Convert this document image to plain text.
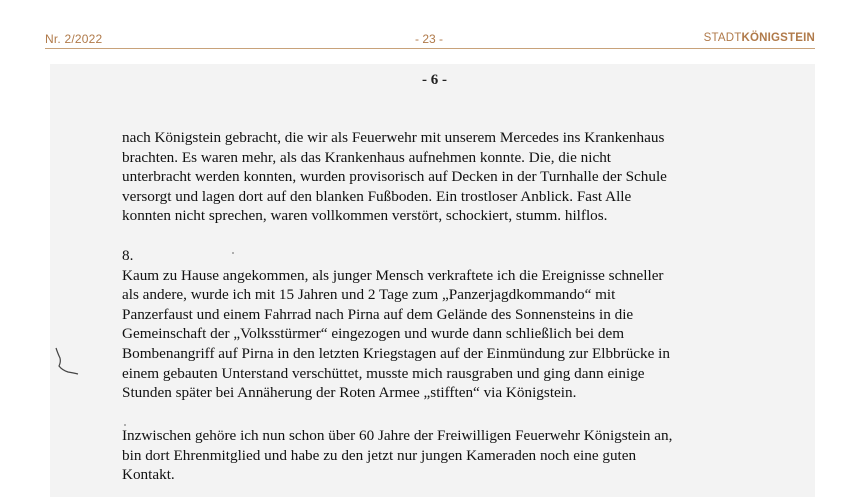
Nr. 2/2022	- 23 -	STADTKÖNIGSTEIN
- 6 -
nach Königstein gebracht, die wir als Feuerwehr mit unserem Mercedes ins Krankenhaus
brachten. Es waren mehr, als das Krankenhaus aufnehmen konnte. Die, die nicht
unterbracht werden konnten, wurden provisorisch auf Decken in der Turnhalle der Schule
versorgt und lagen dort auf den blanken Fußboden. Ein trostloser Anblick. Fast Alle
konnten nicht sprechen, waren vollkommen verstört, schockiert, stumm. hilflos.
8.
Kaum zu Hause angekommen, als junger Mensch verkraftete ich die Ereignisse schneller
als andere, wurde ich mit 15 Jahren und 2 Tage zum „Panzerjagdkommando“ mit
Panzerfaust und einem Fahrrad nach Pirna auf dem Gelände des Sonnensteins in die
Gemeinschaft der „Volksstürmer“ eingezogen und wurde dann schließlich bei dem
Bombenangriff auf Pirna in den letzten Kriegstagen auf der Einmündung zur Elbbrücke in
einem gebauten Unterstand verschüttet, musste mich rausgraben und ging dann einige
Stunden später bei Annäherung der Roten Armee „stifften“ via Königstein.
Inzwischen gehöre ich nun schon über 60 Jahre der Freiwilligen Feuerwehr Königstein an,
bin dort Ehrenmitglied und habe zu den jetzt nur jungen Kameraden noch eine guten
Kontakt.
